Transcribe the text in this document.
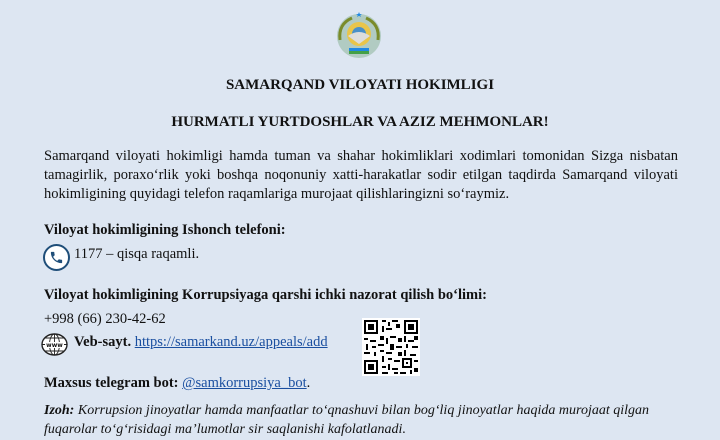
SAMARQAND VILOYATI HOKIMLIGI
HURMATLI YURTDOSHLAR VA AZIZ MEHMONLAR!
Samarqand viloyati hokimligi hamda tuman va shahar hokimliklari xodimlari tomonidan Sizga nisbatan tamagirlik, poraxo‘rlik yoki boshqa noqonuniy xatti-harakatlar sodir etilgan taqdirda Samarqand viloyati hokimligining quyidagi telefon raqamlariga murojaat qilishlaringizni so‘raymiz.
Viloyat hokimligining Ishonch telefoni:
1177 – qisqa raqamli.
Viloyat hokimligining Korrupsiyaga qarshi ichki nazorat qilish bo‘limi:
+998 (66) 230-42-62
www Veb-sayt. https://samarkand.uz/appeals/add
Maxsus telegram bot: @samkorrupsiya_bot.
Izoh: Korrupsion jinoyatlar hamda manfaatlar to‘qnashuvi bilan bog‘liq jinoyatlar haqida murojaat qilgan fuqarolar to‘g‘risidagi ma’lumotlar sir saqlanishi kafolatlanadi.
